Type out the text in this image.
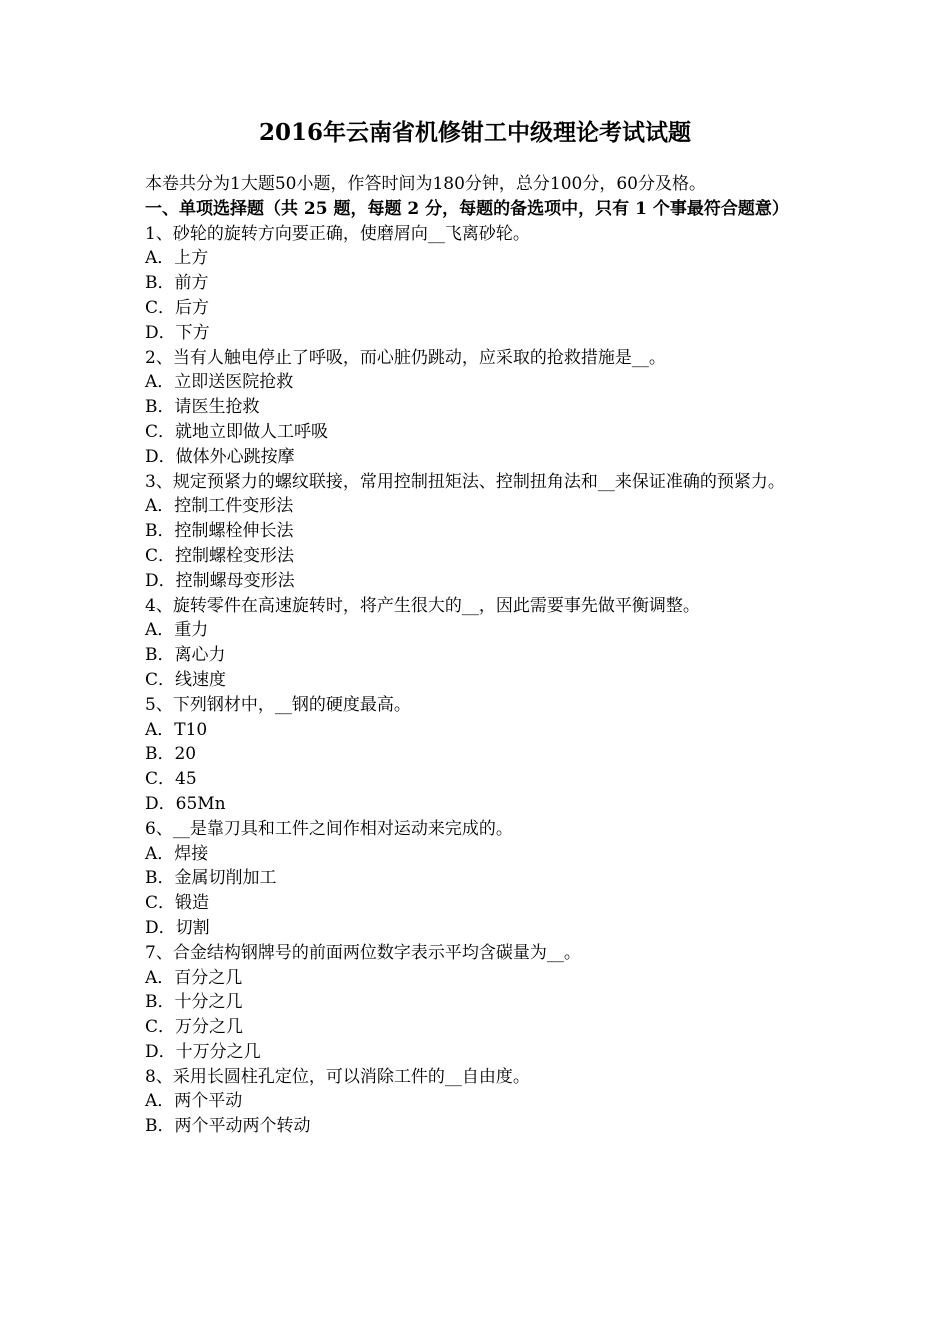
2016年云南省机修钳工中级理论考试试题
本卷共分为1大题50小题，作答时间为180分钟，总分100分，60分及格。
一、单项选择题（共 25 题，每题 2 分，每题的备选项中，只有 1 个事最符合题意）
1、砂轮的旋转方向要正确，使磨屑向__飞离砂轮。
A．上方
B．前方
C．后方
D．下方
2、当有人触电停止了呼吸，而心脏仍跳动，应采取的抢救措施是__。
A．立即送医院抢救
B．请医生抢救
C．就地立即做人工呼吸
D．做体外心跳按摩
3、规定预紧力的螺纹联接，常用控制扭矩法、控制扭角法和__来保证准确的预紧力。
A．控制工件变形法
B．控制螺栓伸长法
C．控制螺栓变形法
D．控制螺母变形法
4、旋转零件在高速旋转时，将产生很大的__，因此需要事先做平衡调整。
A．重力
B．离心力
C．线速度
5、下列钢材中，__钢的硬度最高。
A．T10
B．20
C．45
D．65Mn
6、__是靠刀具和工件之间作相对运动来完成的。
A．焊接
B．金属切削加工
C．锻造
D．切割
7、合金结构钢牌号的前面两位数字表示平均含碳量为__。
A．百分之几
B．十分之几
C．万分之几
D．十万分之几
8、采用长圆柱孔定位，可以消除工件的__自由度。
A．两个平动
B．两个平动两个转动
